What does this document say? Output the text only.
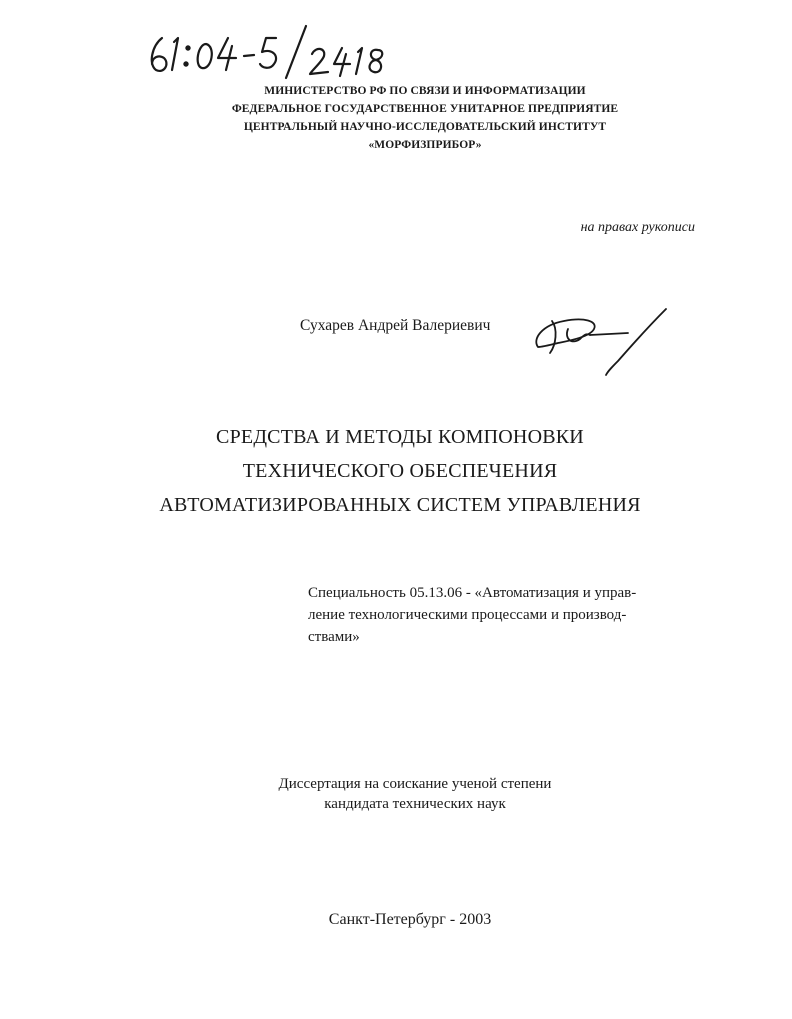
МИНИСТЕРСТВО РФ ПО СВЯЗИ И ИНФОРМАТИЗАЦИИ
ФЕДЕРАЛЬНОЕ ГОСУДАРСТВЕННОЕ УНИТАРНОЕ ПРЕДПРИЯТИЕ
ЦЕНТРАЛЬНЫЙ НАУЧНО-ИССЛЕДОВАТЕЛЬСКИЙ ИНСТИТУТ
«МОРФИЗПРИБОР»
на правах рукописи
Сухарев Андрей Валериевич
СРЕДСТВА И МЕТОДЫ КОМПОНОВКИ
ТЕХНИЧЕСКОГО ОБЕСПЕЧЕНИЯ
АВТОМАТИЗИРОВАННЫХ СИСТЕМ УПРАВЛЕНИЯ
Специальность 05.13.06 - «Автоматизация и управ-
ление технологическими процессами и производ-
ствами»
Диссертация на соискание ученой степени
кандидата технических наук
Санкт-Петербург - 2003
